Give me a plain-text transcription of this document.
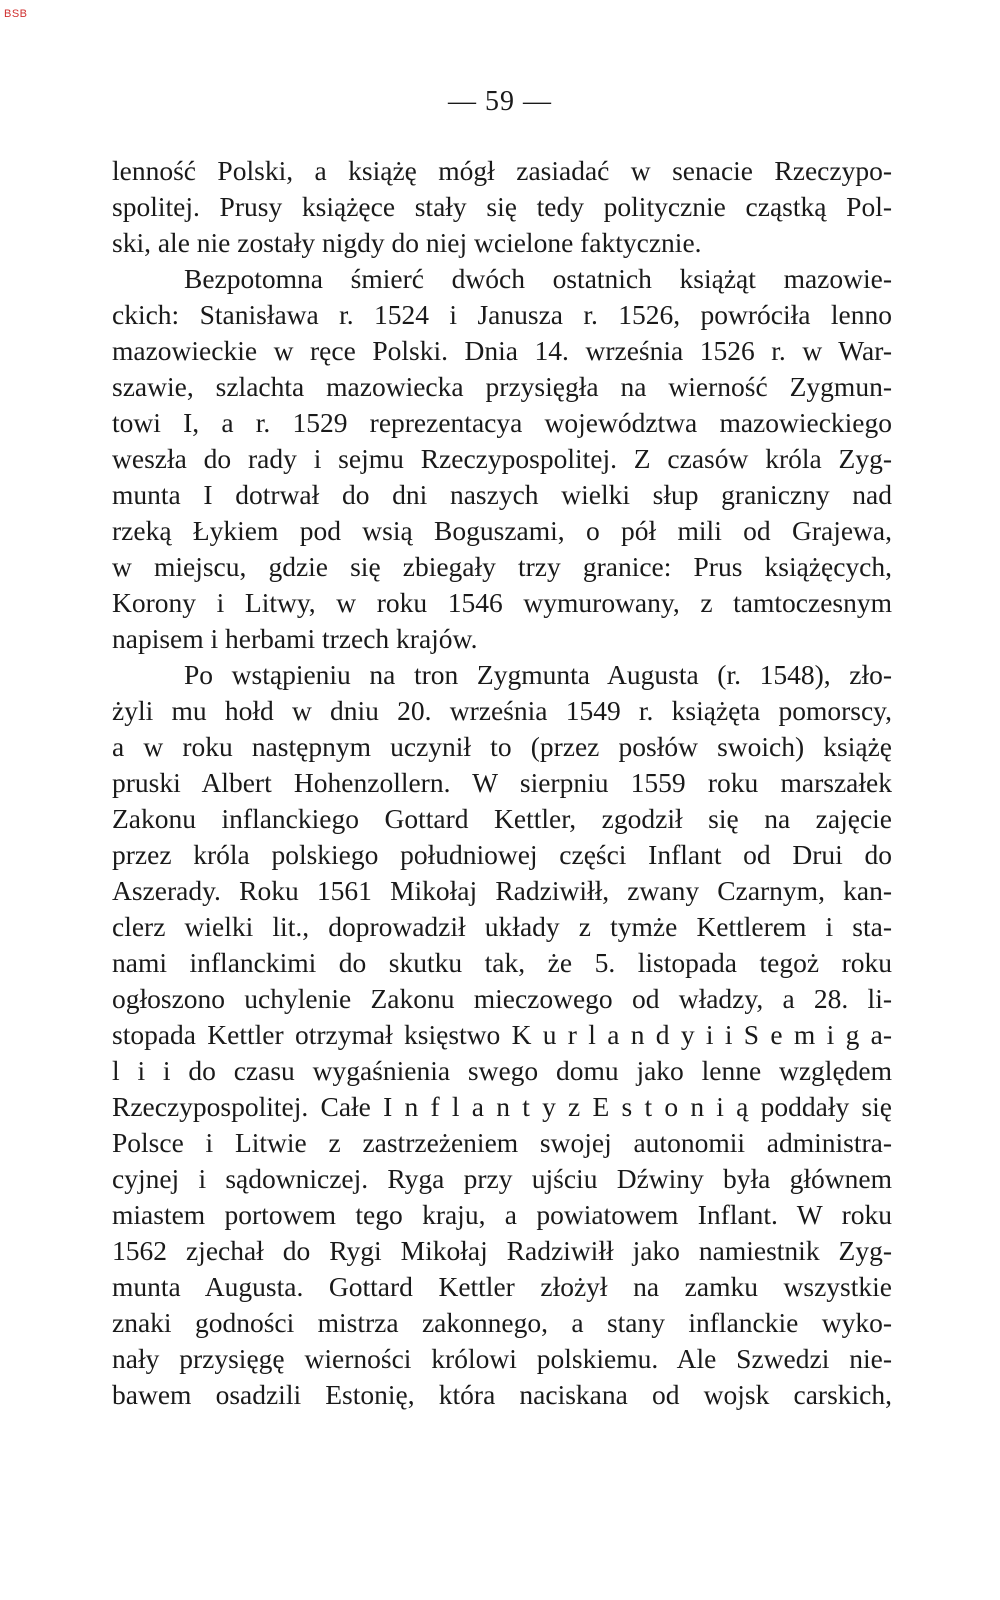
BSB
— 59 —
lenność Polski, a książę mógł zasiadać w senacie Rzeczypo-
spolitej. Prusy książęce stały się tedy politycznie cząstką Pol-
ski, ale nie zostały nigdy do niej wcielone faktycznie.
Bezpotomna śmierć dwóch ostatnich książąt mazowie-
ckich: Stanisława r. 1524 i Janusza r. 1526, powróciła lenno
mazowieckie w ręce Polski. Dnia 14. września 1526 r. w War-
szawie, szlachta mazowiecka przysięgła na wierność Zygmun-
towi I, a r. 1529 reprezentacya województwa mazowieckiego
weszła do rady i sejmu Rzeczypospolitej. Z czasów króla Zyg-
munta I dotrwał do dni naszych wielki słup graniczny nad
rzeką Łykiem pod wsią Boguszami, o pół mili od Grajewa,
w miejscu, gdzie się zbiegały trzy granice: Prus książęcych,
Korony i Litwy, w roku 1546 wymurowany, z tamtoczesnym
napisem i herbami trzech krajów.
Po wstąpieniu na tron Zygmunta Augusta (r. 1548), zło-
żyli mu hołd w dniu 20. września 1549 r. książęta pomorscy,
a w roku następnym uczynił to (przez posłów swoich) książę
pruski Albert Hohenzollern. W sierpniu 1559 roku marszałek
Zakonu inflanckiego Gottard Kettler, zgodził się na zajęcie
przez króla polskiego południowej części Inflant od Drui do
Aszerady. Roku 1561 Mikołaj Radziwiłł, zwany Czarnym, kan-
clerz wielki lit., doprowadził układy z tymże Kettlerem i sta-
nami inflanckimi do skutku tak, że 5. listopada tegoż roku
ogłoszono uchylenie Zakonu mieczowego od władzy, a 28. li-
stopada Kettler otrzymał księstwo K u r l a n d y i i S e m i g a-
l i i do czasu wygaśnienia swego domu jako lenne względem
Rzeczypospolitej. Całe I n f l a n t y z E s t o n i ą poddały się
Polsce i Litwie z zastrzeżeniem swojej autonomii administra-
cyjnej i sądowniczej. Ryga przy ujściu Dźwiny była głównem
miastem portowem tego kraju, a powiatowem Inflant. W roku
1562 zjechał do Rygi Mikołaj Radziwiłł jako namiestnik Zyg-
munta Augusta. Gottard Kettler złożył na zamku wszystkie
znaki godności mistrza zakonnego, a stany inflanckie wyko-
nały przysięgę wierności królowi polskiemu. Ale Szwedzi nie-
bawem osadzili Estonię, która naciskana od wojsk carskich,
